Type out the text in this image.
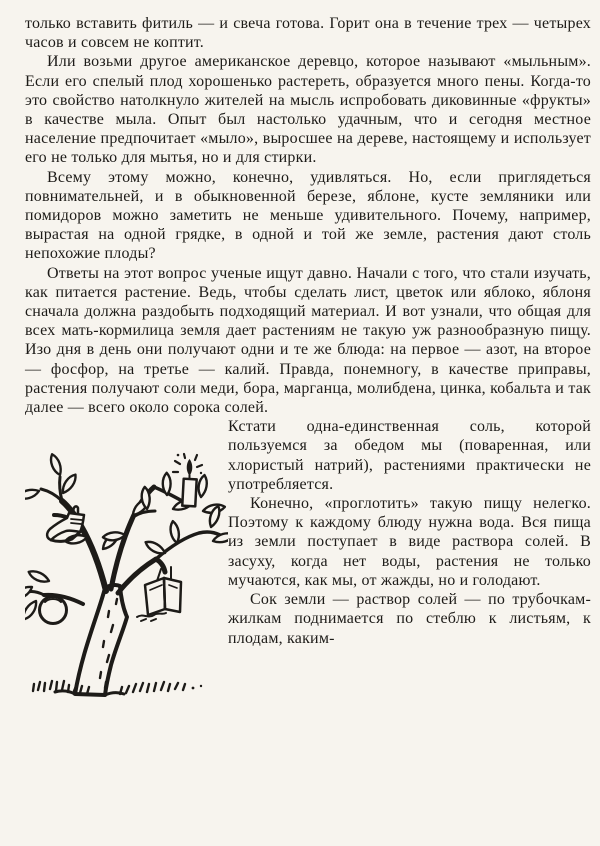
только вставить фитиль — и свеча готова. Горит она в течение трех — четырех часов и совсем не коптит.

Или возьми другое американское деревцо, которое называют «мыльным». Если его спелый плод хорошенько растереть, образуется много пены. Когда-то это свойство натолкнуло жителей на мысль испробовать диковинные «фрукты» в качестве мыла. Опыт был настолько удачным, что и сегодня местное население предпочитает «мыло», выросшее на дереве, настоящему и использует его не только для мытья, но и для стирки.

Всему этому можно, конечно, удивляться. Но, если приглядеться повнимательней, и в обыкновенной березе, яблоне, кусте земляники или помидоров можно заметить не меньше удивительного. Почему, например, вырастая на одной грядке, в одной и той же земле, растения дают столь непохожие плоды?

Ответы на этот вопрос ученые ищут давно. Начали с того, что стали изучать, как питается растение. Ведь, чтобы сделать лист, цветок или яблоко, яблоня сначала должна раздобыть подходящий материал. И вот узнали, что общая для всех мать-кормилица земля дает растениям не такую уж разнообразную пищу. Изо дня в день они получают одни и те же блюда: на первое — азот, на второе — фосфор, на третье — калий. Правда, понемногу, в качестве приправы, растения получают соли меди, бора, марганца, молибдена, цинка, кобальта и так далее — всего около сорока солей.

Кстати одна-единственная соль, которой пользуемся за обедом мы (поваренная, или хлористый натрий), растениями практически не употребляется.

Конечно, «проглотить» такую пищу нелегко. Поэтому к каждому блюду нужна вода. Вся пища из земли поступает в виде раствора солей. В засуху, когда нет воды, растения не только мучаются, как мы, от жажды, но и голодают.

Сок земли — раствор солей — по трубочкам-жилкам поднимается по стеблю к листьям, к плодам, каким-
